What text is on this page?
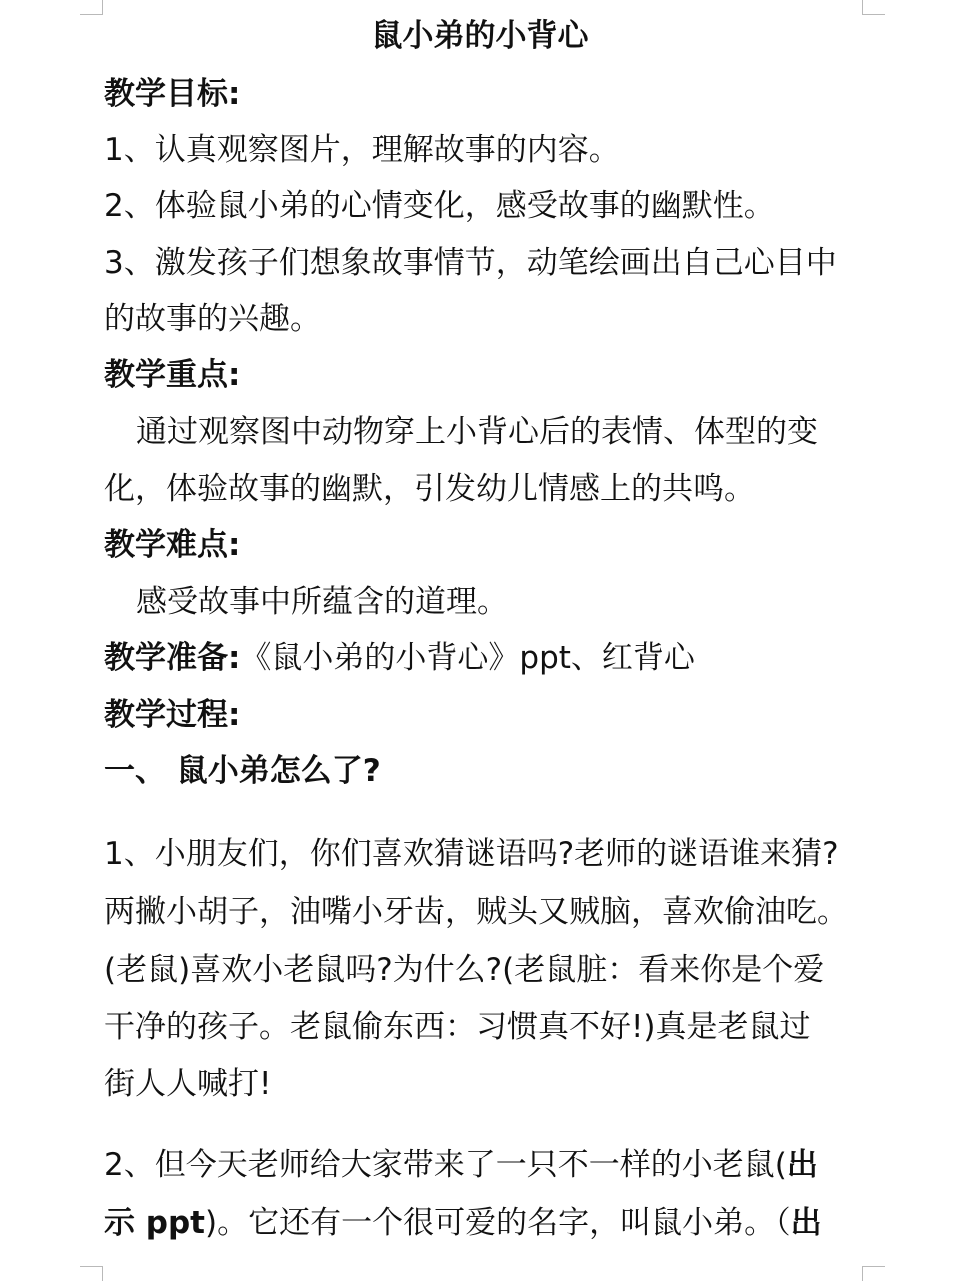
鼠小弟的小背心
教学目标:
1、认真观察图片，理解故事的内容。
2、体验鼠小弟的心情变化，感受故事的幽默性。
3、激发孩子们想象故事情节，动笔绘画出自己心目中
的故事的兴趣。
教学重点:
通过观察图中动物穿上小背心后的表情、体型的变
化，体验故事的幽默，引发幼儿情感上的共鸣。
教学难点:
感受故事中所蕴含的道理。
教学准备:《鼠小弟的小背心》ppt、红背心
教学过程:
一、 鼠小弟怎么了?
1、小朋友们，你们喜欢猜谜语吗?老师的谜语谁来猜?
两撇小胡子，油嘴小牙齿，贼头又贼脑，喜欢偷油吃。
(老鼠)喜欢小老鼠吗?为什么?(老鼠脏：看来你是个爱
干净的孩子。老鼠偷东西：习惯真不好!)真是老鼠过
街人人喊打!
2、但今天老师给大家带来了一只不一样的小老鼠(出
示 ppt)。它还有一个很可爱的名字，叫鼠小弟。（出
